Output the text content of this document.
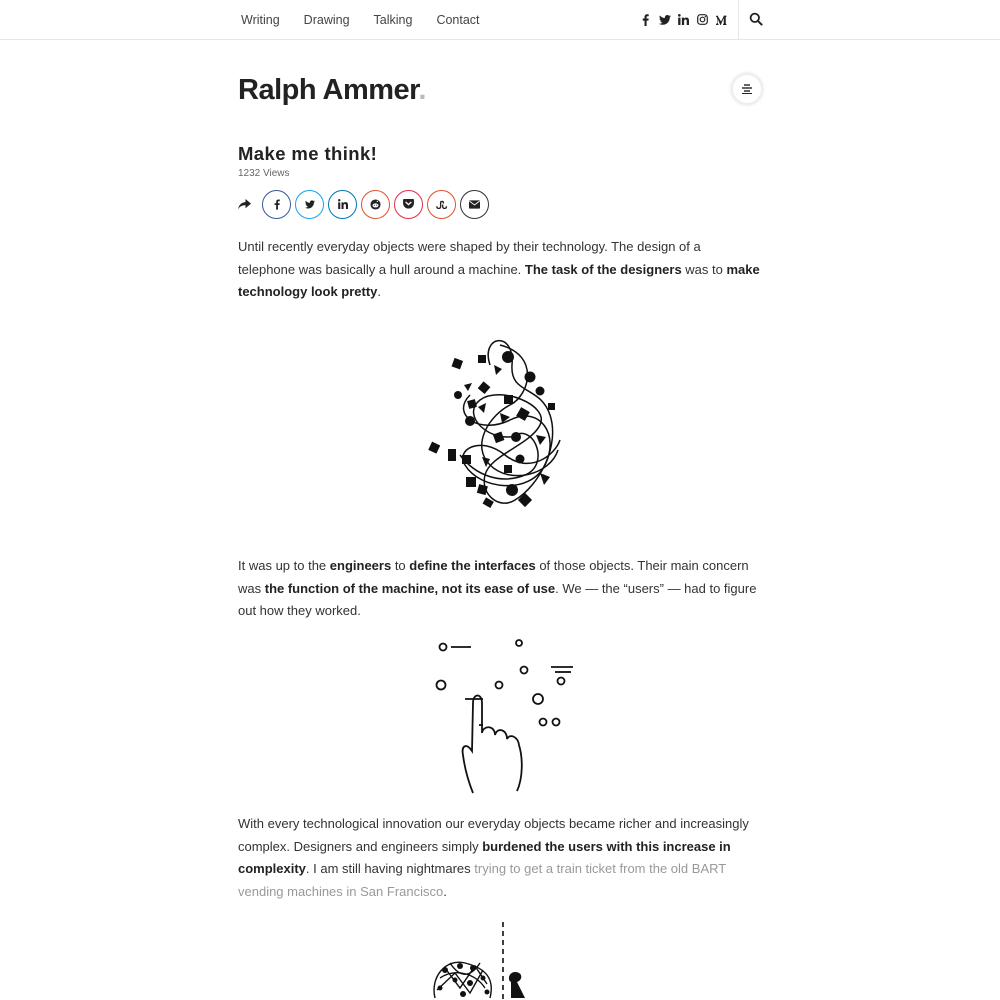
Writing Drawing Talking Contact
Ralph Ammer.
Make me think!
1232 Views

Until recently everyday objects were shaped by their technology. The design of a telephone was basically a hull around a machine. The task of the designers was to make technology look pretty.

It was up to the engineers to define the interfaces of those objects. Their main concern was the function of the machine, not its ease of use. We — the “users” — had to figure out how they worked.

With every technological innovation our everyday objects became richer and increasingly complex. Designers and engineers simply burdened the users with this increase in complexity. I am still having nightmares trying to get a train ticket from the old BART vending machines in San Francisco.
